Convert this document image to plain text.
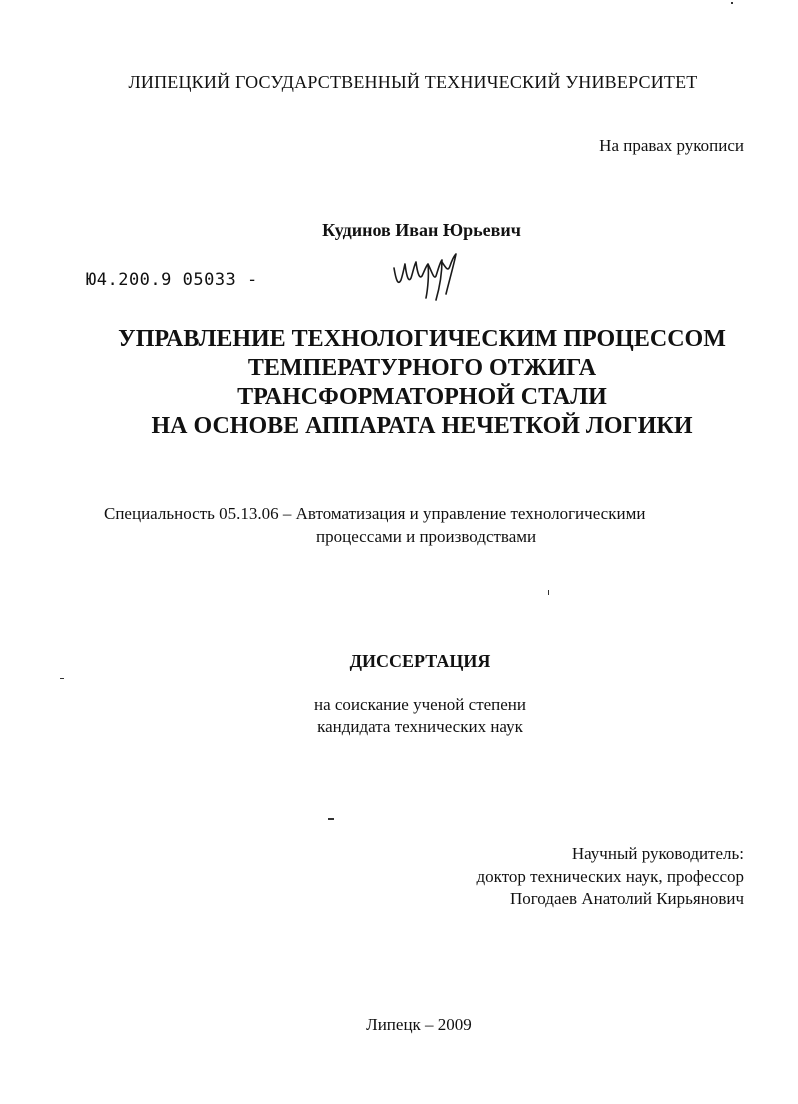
ЛИПЕЦКИЙ ГОСУДАРСТВЕННЫЙ ТЕХНИЧЕСКИЙ УНИВЕРСИТЕТ
На правах рукописи
Кудинов Иван Юрьевич
Ю4.200.9 05033 -
УПРАВЛЕНИЕ ТЕХНОЛОГИЧЕСКИМ ПРОЦЕССОМ
ТЕМПЕРАТУРНОГО ОТЖИГА
ТРАНСФОРМАТОРНОЙ СТАЛИ
НА ОСНОВЕ АППАРАТА НЕЧЕТКОЙ ЛОГИКИ
Специальность 05.13.06 – Автоматизация и управление технологическими
процессами и производствами
ДИССЕРТАЦИЯ
на соискание ученой степени
кандидата технических наук
Научный руководитель:
доктор технических наук, профессор
Погодаев Анатолий Кирьянович
Липецк – 2009
